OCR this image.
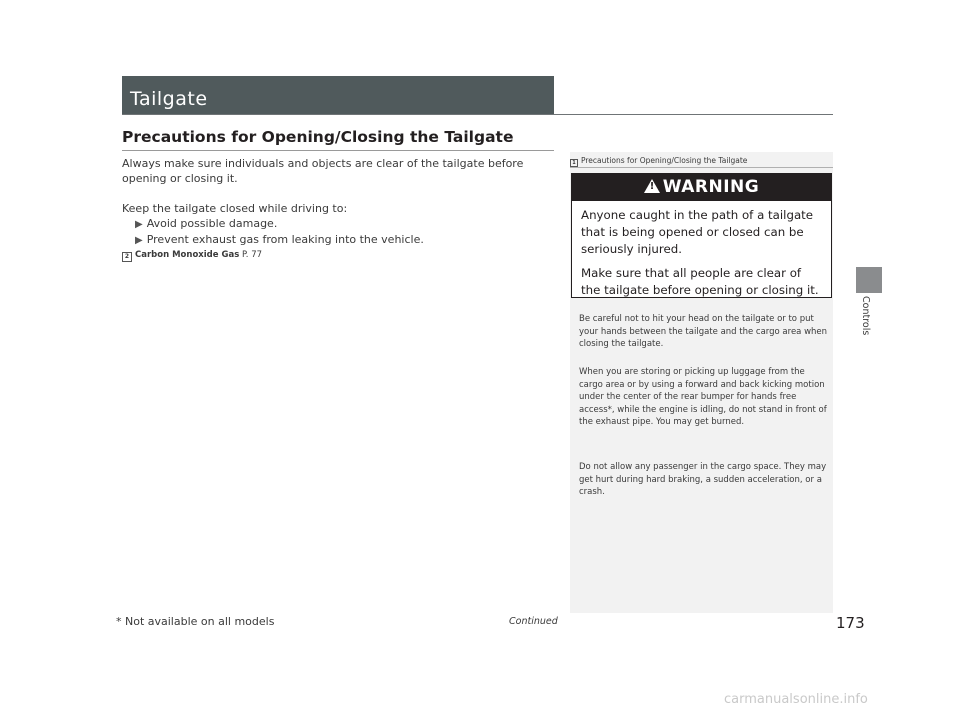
Tailgate
Precautions for Opening/Closing the Tailgate
Always make sure individuals and objects are clear of the tailgate before opening or closing it.
Keep the tailgate closed while driving to:
▶ Avoid possible damage.
▶ Prevent exhaust gas from leaking into the vehicle.
2 Carbon Monoxide Gas P. 77
1 Precautions for Opening/Closing the Tailgate
!WARNING

Anyone caught in the path of a tailgate that is being opened or closed can be seriously injured.

Make sure that all people are clear of the tailgate before opening or closing it.

Be careful not to hit your head on the tailgate or to put your hands between the tailgate and the cargo area when closing the tailgate.

When you are storing or picking up luggage from the cargo area or by using a forward and back kicking motion under the center of the rear bumper for hands free access*, while the engine is idling, do not stand in front of the exhaust pipe. You may get burned.

Do not allow any passenger in the cargo space. They may get hurt during hard braking, a sudden acceleration, or a crash.

Controls
* Not available on all models	Continued	173
carmanualsonline.info
